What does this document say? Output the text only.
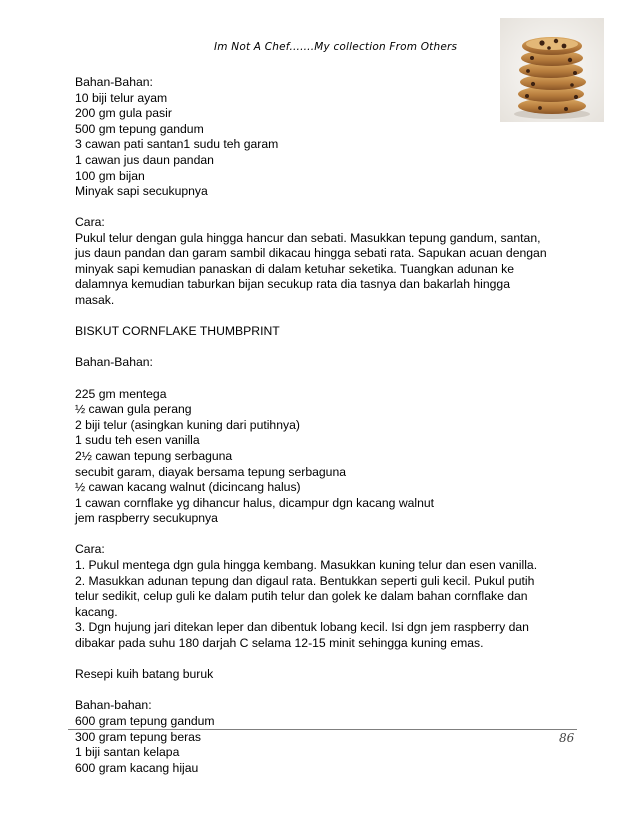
Im Not A Chef.......My collection From Others
Bahan-Bahan:
10 biji telur ayam
200 gm gula pasir
500 gm tepung gandum
3 cawan pati santan1 sudu teh garam
1 cawan jus daun pandan
100 gm bijan
Minyak sapi secukupnya
Cara:
Pukul telur dengan gula hingga hancur dan sebati. Masukkan tepung gandum, santan,
jus daun pandan dan garam sambil dikacau hingga sebati rata. Sapukan acuan dengan
minyak sapi kemudian panaskan di dalam ketuhar seketika. Tuangkan adunan ke
dalamnya kemudian taburkan bijan secukup rata dia tasnya dan bakarlah hingga
masak.
BISKUT CORNFLAKE THUMBPRINT
Bahan-Bahan:
225 gm mentega
½ cawan gula perang
2 biji telur (asingkan kuning dari putihnya)
1 sudu teh esen vanilla
2½ cawan tepung serbaguna
secubit garam, diayak bersama tepung serbaguna
½ cawan kacang walnut (dicincang halus)
1 cawan cornflake yg dihancur halus, dicampur dgn kacang walnut
jem raspberry secukupnya
Cara:
1. Pukul mentega dgn gula hingga kembang. Masukkan kuning telur dan esen vanilla.
2. Masukkan adunan tepung dan digaul rata. Bentukkan seperti guli kecil. Pukul putih
telur sedikit, celup guli ke dalam putih telur dan golek ke dalam bahan cornflake dan
kacang.
3. Dgn hujung jari ditekan leper dan dibentuk lobang kecil. Isi dgn jem raspberry dan
dibakar pada suhu 180 darjah C selama 12-15 minit sehingga kuning emas.
Resepi kuih batang buruk
Bahan-bahan:
600 gram tepung gandum
300 gram tepung beras
1 biji santan kelapa
600 gram kacang hijau
86
